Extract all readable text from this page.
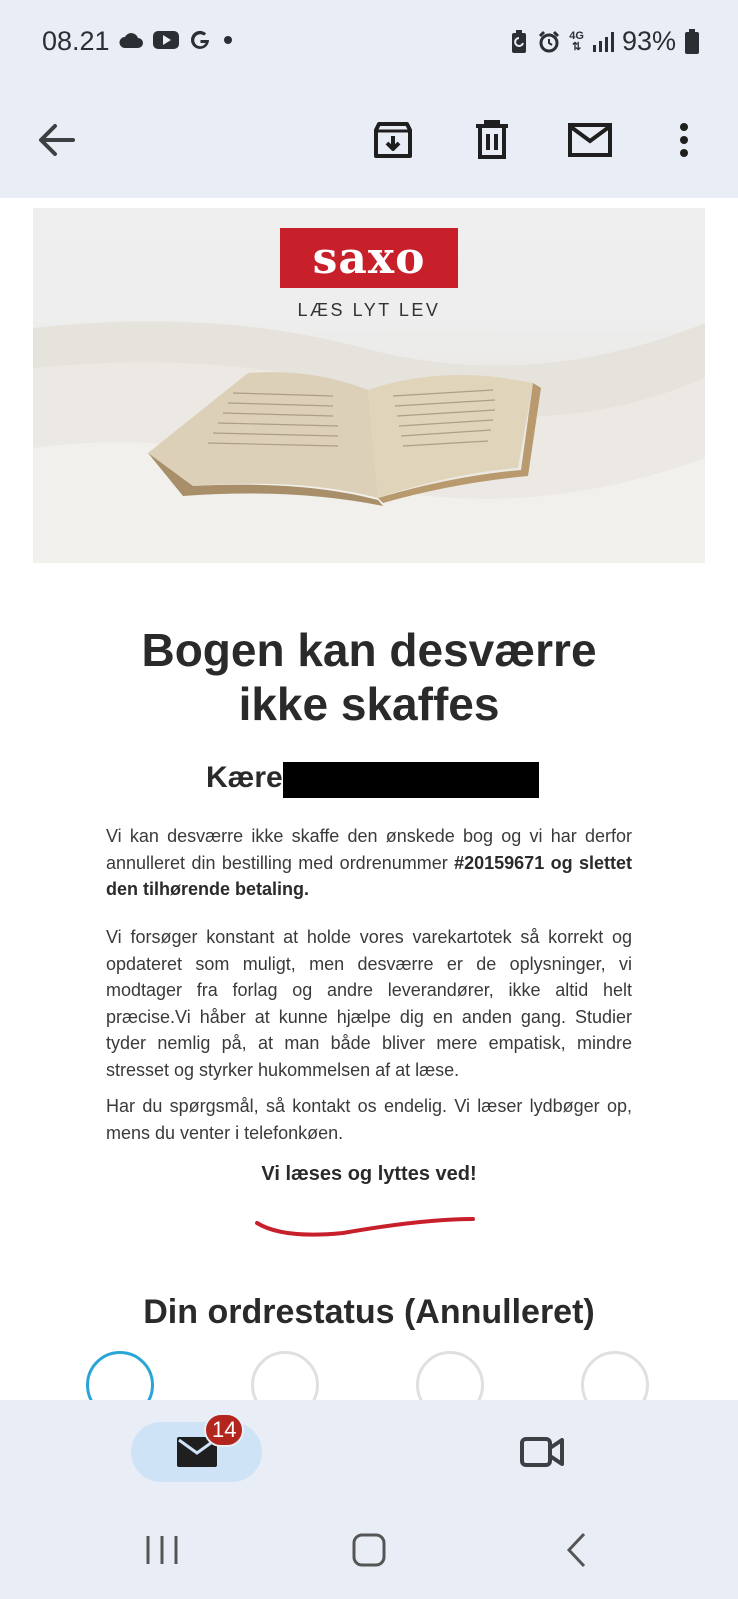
08.21	4G
⇅ 93%
saxo
LÆS LYT LEV
Bogen kan desværre
ikke skaffes
Kære
Vi kan desværre ikke skaffe den ønskede bog og vi har derfor annulleret din bestilling med ordrenummer #20159671 og slettet den tilhørende betaling.
Vi forsøger konstant at holde vores varekartotek så korrekt og opdateret som muligt, men desværre er de oplysninger, vi modtager fra forlag og andre leverandører, ikke altid helt præcise.Vi håber at kunne hjælpe dig en anden gang. Studier tyder nemlig på, at man både bliver mere empatisk, mindre stresset og styrker hukommelsen af at læse.
Har du spørgsmål, så kontakt os endelig. Vi læser lydbøger op, mens du venter i telefonkøen.
Vi læses og lyttes ved!
Din ordrestatus (Annulleret)
14
